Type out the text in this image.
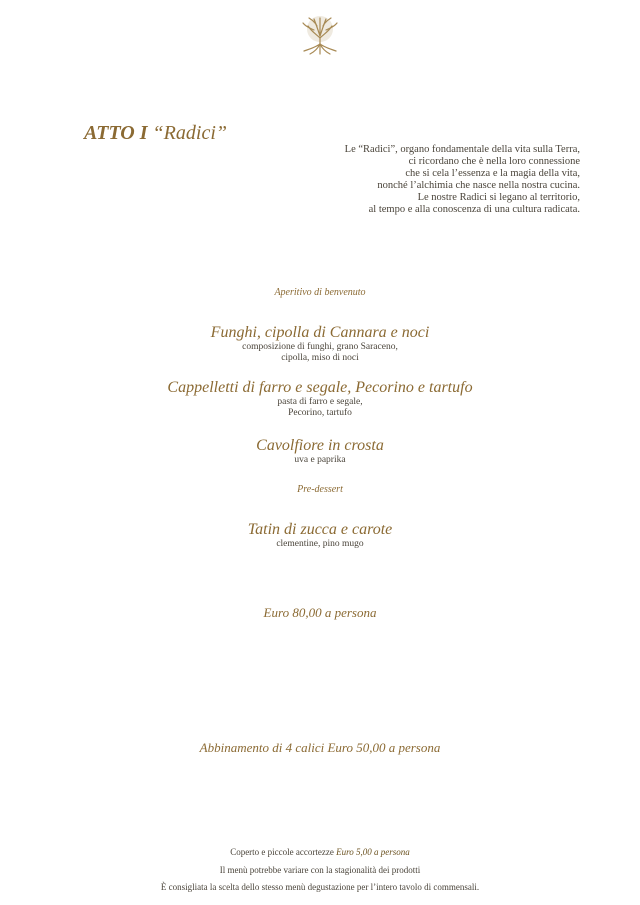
ATTO I “Radici”
Le “Radici”, organo fondamentale della vita sulla Terra,
ci ricordano che è nella loro connessione
che si cela l’essenza e la magia della vita,
nonché l’alchimia che nasce nella nostra cucina.
Le nostre Radici si legano al territorio,
al tempo e alla conoscenza di una cultura radicata.
Aperitivo di benvenuto
Funghi, cipolla di Cannara e noci
composizione di funghi, grano Saraceno,
cipolla, miso di noci
Cappelletti di farro e segale, Pecorino e tartufo
pasta di farro e segale,
Pecorino, tartufo
Cavolfiore in crosta
uva e paprika
Pre-dessert
Tatin di zucca e carote
clementine, pino mugo
Euro 80,00 a persona
Abbinamento di 4 calici Euro 50,00 a persona
Coperto e piccole accortezze Euro 5,00 a persona
Il menù potrebbe variare con la stagionalità dei prodotti
È consigliata la scelta dello stesso menù degustazione per l’intero tavolo di commensali.
